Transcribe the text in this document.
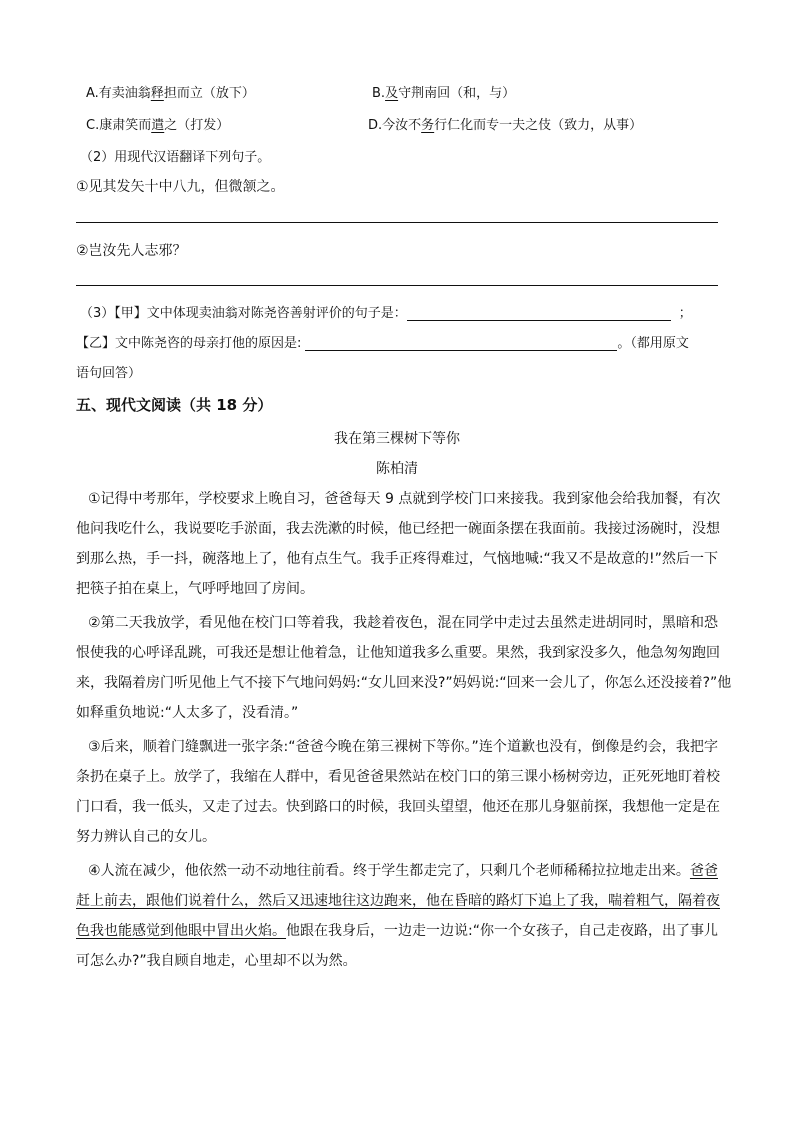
A.有卖油翁释担而立（放下）	B.及守荆南回（和，与）
C.康肃笑而遣之（打发）	D.今汝不务行仁化而专一夫之伎（致力，从事）
（2）用现代汉语翻译下列句子。
①见其发矢十中八九，但微颔之。
②岂汝先人志邪？
（3）【甲】文中体现卖油翁对陈尧咨善射评价的句子是：	；
【乙】文中陈尧咨的母亲打他的原因是:	。（都用原文
语句回答）
五、现代文阅读（共 18 分）
我在第三棵树下等你
陈柏清
①记得中考那年，学校要求上晚自习，爸爸每天 9 点就到学校门口来接我。我到家他会给我加餐，有次
他问我吃什么，我说要吃手淤面，我去洗漱的时候，他已经把一碗面条摆在我面前。我接过汤碗时，没想
到那么热，手一抖，碗落地上了，他有点生气。我手正疼得难过，气恼地喊:“我又不是故意的!”然后一下
把筷子拍在桌上，气呼呼地回了房间。
②第二天我放学，看见他在校门口等着我，我趁着夜色，混在同学中走过去虽然走进胡同时，黑暗和恐
恨使我的心呼译乱跳，可我还是想让他着急，让他知道我多么重要。果然，我到家没多久，他急匆匆跑回
来，我隔着房门听见他上气不接下气地问妈妈:“女儿回来没?”妈妈说:“回来一会儿了，你怎么还没接着?”他
如释重负地说:“人太多了，没看清。”
③后来，顺着门缝飘进一张字条:“爸爸今晚在第三裸树下等你。”连个道歉也没有，倒像是约会，我把字
条扔在桌子上。放学了，我缩在人群中，看见爸爸果然站在校门口的第三课小杨树旁边，正死死地盯着校
门口看，我一低头，又走了过去。快到路口的时候，我回头望望，他还在那儿身躯前探，我想他一定是在
努力辨认自己的女儿。
④人流在减少，他依然一动不动地往前看。终于学生都走完了，只剩几个老师稀稀拉拉地走出来。爸爸
赶上前去，跟他们说着什么，然后又迅速地往这边跑来，他在昏暗的路灯下追上了我，喘着粗气，隔着夜
色我也能感觉到他眼中冒出火焰。他跟在我身后，一边走一边说:“你一个女孩子，自己走夜路，出了事儿
可怎么办?”我自顾自地走，心里却不以为然。
